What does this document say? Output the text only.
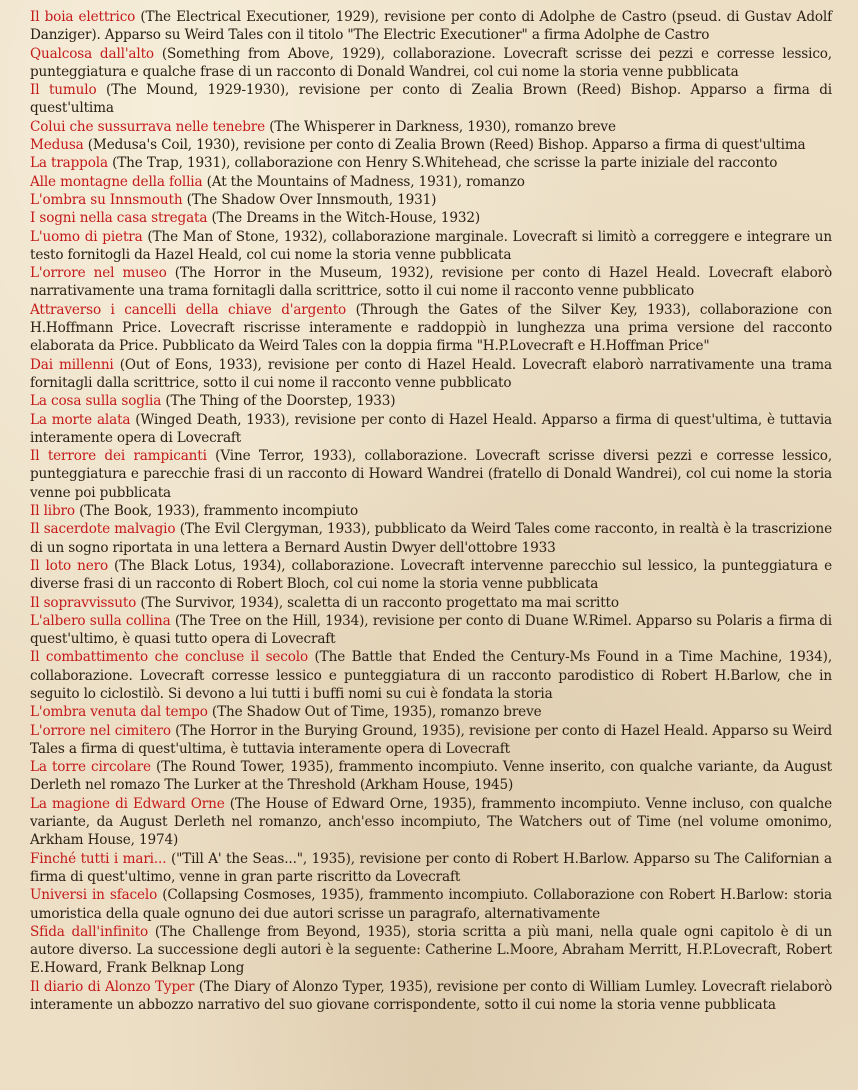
Il boia elettrico (The Electrical Executioner, 1929), revisione per conto di Adolphe de Castro (pseud. di Gustav Adolf Danziger). Apparso su Weird Tales con il titolo "The Electric Executioner" a firma Adolphe de Castro

Qualcosa dall'alto (Something from Above, 1929), collaborazione. Lovecraft scrisse dei pezzi e corresse lessico, punteggiatura e qualche frase di un racconto di Donald Wandrei, col cui nome la storia venne pubblicata

Il tumulo (The Mound, 1929-1930), revisione per conto di Zealia Brown (Reed) Bishop. Apparso a firma di quest'ultima

Colui che sussurrava nelle tenebre (The Whisperer in Darkness, 1930), romanzo breve

Medusa (Medusa's Coil, 1930), revisione per conto di Zealia Brown (Reed) Bishop. Apparso a firma di quest'ultima

La trappola (The Trap, 1931), collaborazione con Henry S.Whitehead, che scrisse la parte iniziale del racconto

Alle montagne della follia (At the Mountains of Madness, 1931), romanzo

L'ombra su Innsmouth (The Shadow Over Innsmouth, 1931)

I sogni nella casa stregata (The Dreams in the Witch-House, 1932)

L'uomo di pietra (The Man of Stone, 1932), collaborazione marginale. Lovecraft si limitò a correggere e integrare un testo fornitogli da Hazel Heald, col cui nome la storia venne pubblicata

L'orrore nel museo (The Horror in the Museum, 1932), revisione per conto di Hazel Heald. Lovecraft elaborò narrativamente una trama fornitagli dalla scrittrice, sotto il cui nome il racconto venne pubblicato

Attraverso i cancelli della chiave d'argento (Through the Gates of the Silver Key, 1933), collaborazione con H.Hoffmann Price. Lovecraft riscrisse interamente e raddoppiò in lunghezza una prima versione del racconto elaborata da Price. Pubblicato da Weird Tales con la doppia firma "H.P.Lovecraft e H.Hoffman Price"

Dai millenni (Out of Eons, 1933), revisione per conto di Hazel Heald. Lovecraft elaborò narrativamente una trama fornitagli dalla scrittrice, sotto il cui nome il racconto venne pubblicato

La cosa sulla soglia (The Thing of the Doorstep, 1933)

La morte alata (Winged Death, 1933), revisione per conto di Hazel Heald. Apparso a firma di quest'ultima, è tuttavia interamente opera di Lovecraft

Il terrore dei rampicanti (Vine Terror, 1933), collaborazione. Lovecraft scrisse diversi pezzi e corresse lessico, punteggiatura e parecchie frasi di un racconto di Howard Wandrei (fratello di Donald Wandrei), col cui nome la storia venne poi pubblicata

Il libro (The Book, 1933), frammento incompiuto

Il sacerdote malvagio (The Evil Clergyman, 1933), pubblicato da Weird Tales come racconto, in realtà è la trascrizione di un sogno riportata in una lettera a Bernard Austin Dwyer dell'ottobre 1933

Il loto nero (The Black Lotus, 1934), collaborazione. Lovecraft intervenne parecchio sul lessico, la punteggiatura e diverse frasi di un racconto di Robert Bloch, col cui nome la storia venne pubblicata

Il sopravvissuto (The Survivor, 1934), scaletta di un racconto progettato ma mai scritto

L'albero sulla collina (The Tree on the Hill, 1934), revisione per conto di Duane W.Rimel. Apparso su Polaris a firma di quest'ultimo, è quasi tutto opera di Lovecraft

Il combattimento che concluse il secolo (The Battle that Ended the Century-Ms Found in a Time Machine, 1934), collaborazione. Lovecraft corresse lessico e punteggiatura di un racconto parodistico di Robert H.Barlow, che in seguito lo ciclostilò. Si devono a lui tutti i buffi nomi su cui è fondata la storia

L'ombra venuta dal tempo (The Shadow Out of Time, 1935), romanzo breve

L'orrore nel cimitero (The Horror in the Burying Ground, 1935), revisione per conto di Hazel Heald. Apparso su Weird Tales a firma di quest'ultima, è tuttavia interamente opera di Lovecraft

La torre circolare (The Round Tower, 1935), frammento incompiuto. Venne inserito, con qualche variante, da August Derleth nel romazo The Lurker at the Threshold (Arkham House, 1945)

La magione di Edward Orne (The House of Edward Orne, 1935), frammento incompiuto. Venne incluso, con qualche variante, da August Derleth nel romanzo, anch'esso incompiuto, The Watchers out of Time (nel volume omonimo, Arkham House, 1974)

Finché tutti i mari... ("Till A' the Seas...", 1935), revisione per conto di Robert H.Barlow. Apparso su The Californian a firma di quest'ultimo, venne in gran parte riscritto da Lovecraft

Universi in sfacelo (Collapsing Cosmoses, 1935), frammento incompiuto. Collaborazione con Robert H.Barlow: storia umoristica della quale ognuno dei due autori scrisse un paragrafo, alternativamente

Sfida dall'infinito (The Challenge from Beyond, 1935), storia scritta a più mani, nella quale ogni capitolo è di un autore diverso. La successione degli autori è la seguente: Catherine L.Moore, Abraham Merritt, H.P.Lovecraft, Robert E.Howard, Frank Belknap Long

Il diario di Alonzo Typer (The Diary of Alonzo Typer, 1935), revisione per conto di William Lumley. Lovecraft rielaborò interamente un abbozzo narrativo del suo giovane corrispondente, sotto il cui nome la storia venne pubblicata
